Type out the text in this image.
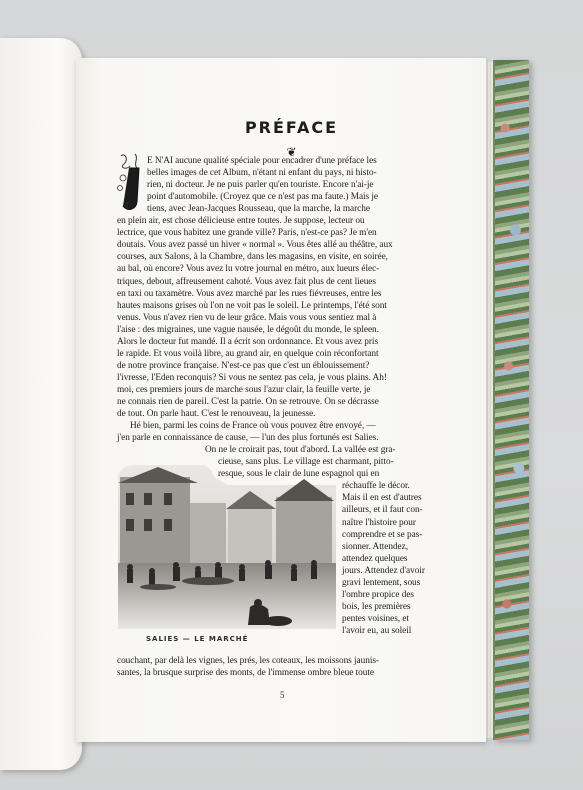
PRÉFACE
❦
J
E N'AI aucune qualité spéciale pour encadrer d'une préface les
belles images de cet Album, n'étant ni enfant du pays, ni histo-
rien, ni docteur. Je ne puis parler qu'en touriste. Encore n'ai-je
point d'automobile. (Croyez que ce n'est pas ma faute.) Mais je
tiens, avec Jean-Jacques Rousseau, que la marche, la marche
en plein air, est chose délicieuse entre toutes. Je suppose, lecteur ou
lectrice, que vous habitez une grande ville? Paris, n'est-ce pas? Je m'en
doutais. Vous avez passé un hiver « normal ». Vous êtes allé au théâtre, aux
courses, aux Salons, à la Chambre, dans les magasins, en visite, en soirée,
au bal, où encore? Vous avez lu votre journal en métro, aux lueurs élec-
triques, debout, affreusement cahoté. Vous avez fait plus de cent lieues
en taxi ou taxamètre. Vous avez marché par les rues fiévreuses, entre les
hautes maisons grises où l'on ne voit pas le soleil. Le printemps, l'été sont
venus. Vous n'avez rien vu de leur grâce. Mais vous vous sentiez mal à
l'aise : des migraines, une vague nausée, le dégoût du monde, le spleen.
Alors le docteur fut mandé. Il a écrit son ordonnance. Et vous avez pris
le rapide. Et vous voilà libre, au grand air, en quelque coin réconfortant
de notre province française. N'est-ce pas que c'est un éblouissement?
l'ivresse, l'Eden reconquis? Si vous ne sentez pas cela, je vous plains. Ah!
moi, ces premiers jours de marche sous l'azur clair, la feuille verte, je
ne connais rien de pareil. C'est la patrie. On se retrouve. On se décrasse
de tout. On parle haut. C'est le renouveau, la jeunesse.
Hé bien, parmi les coins de France où vous pouvez être envoyé, —
j'en parle en connaissance de cause, — l'un des plus fortunés est Salies.
On ne le croirait pas, tout d'abord. La vallée est gra-
cieuse, sans plus. Le village est charmant, pitto-
resque, sous le clair de lune espagnol qui en
réchauffe le décor.
Mais il en est d'autres
ailleurs, et il faut con-
naître l'histoire pour
comprendre et se pas-
sionner. Attendez,
attendez quelques
jours. Attendez d'avoir
gravi lentement, sous
l'ombre propice des
bois, les premières
pentes voisines, et
l'avoir eu, au soleil
couchant, par delà les vignes, les prés, les coteaux, les moissons jaunis-
santes, la brusque surprise des monts, de l'immense ombre bleue toute
SALIES — LE MARCHÉ
5
